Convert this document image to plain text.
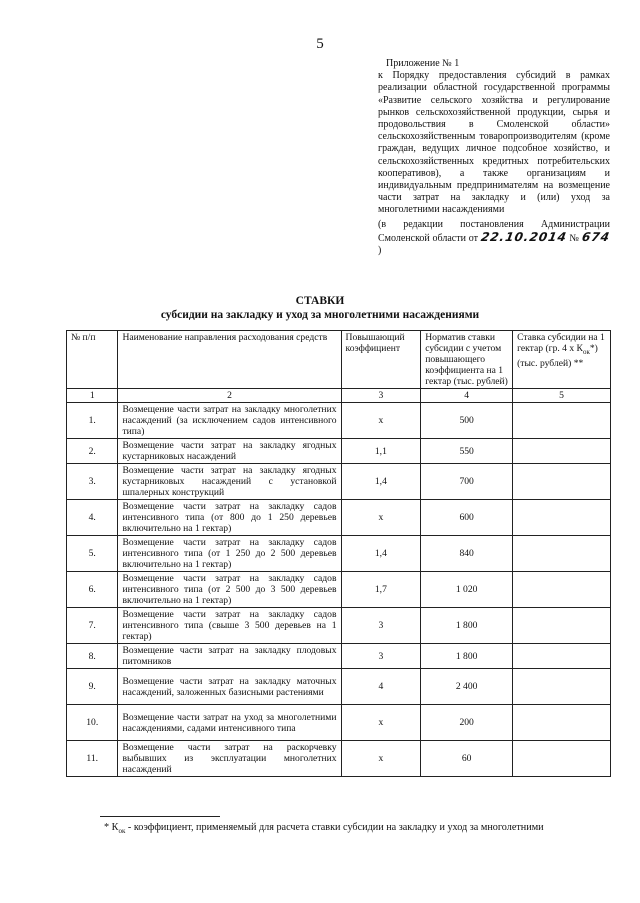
5
Приложение № 1
к Порядку предоставления субсидий в рамках реализации областной государственной программы «Развитие сельского хозяйства и регулирование рынков сельскохозяйственной продукции, сырья и продовольствия в Смоленской области» сельскохозяйственным товаропроизводителям (кроме граждан, ведущих личное подсобное хозяйство, и сельскохозяйственных кредитных потребительских кооперативов), а также организациям и индивидуальным предпринимателям на возмещение части затрат на закладку и (или) уход за многолетними насаждениями
(в редакции постановления Администрации Смоленской области от 22.10.2014 № 674)
СТАВКИ
субсидии на закладку и уход за многолетними насаждениями
№ п/п	Наименование направления расходования средств	Повышающий коэффициент	Норматив ставки субсидии с учетом повышающего коэффициента на 1 гектар (тыс. рублей)	Ставка субсидии на 1 гектар (гр. 4 х $К_{ок}*$) (тыс. рублей) **
1	2	3	4	5
1.	Возмещение части затрат на закладку многолетних насаждений (за исключением садов интенсивного типа)	х	500	
2.	Возмещение части затрат на закладку ягодных кустарниковых насаждений	1,1	550	
3.	Возмещение части затрат на закладку ягодных кустарниковых насаждений с установкой шпалерных конструкций	1,4	700	
4.	Возмещение части затрат на закладку садов интенсивного типа (от 800 до 1 250 деревьев включительно на 1 гектар)	х	600	
5.	Возмещение части затрат на закладку садов интенсивного типа (от 1 250 до 2 500 деревьев включительно на 1 гектар)	1,4	840	
6.	Возмещение части затрат на закладку садов интенсивного типа (от 2 500 до 3 500 деревьев включительно на 1 гектар)	1,7	1 020	
7.	Возмещение части затрат на закладку садов интенсивного типа (свыше 3 500 деревьев на 1 гектар)	3	1 800	
8.	Возмещение части затрат на закладку плодовых питомников	3	1 800	
9.	Возмещение части затрат на закладку маточных насаждений, заложенных базисными растениями	4	2 400	
10.	Возмещение части затрат на уход за многолетними насаждениями, садами интенсивного типа	х	200	
11.	Возмещение части затрат на раскорчевку выбывших из эксплуатации многолетних насаждений	х	60	
* $К_{ок}$ - коэффициент, применяемый для расчета ставки субсидии на закладку и уход за многолетними
